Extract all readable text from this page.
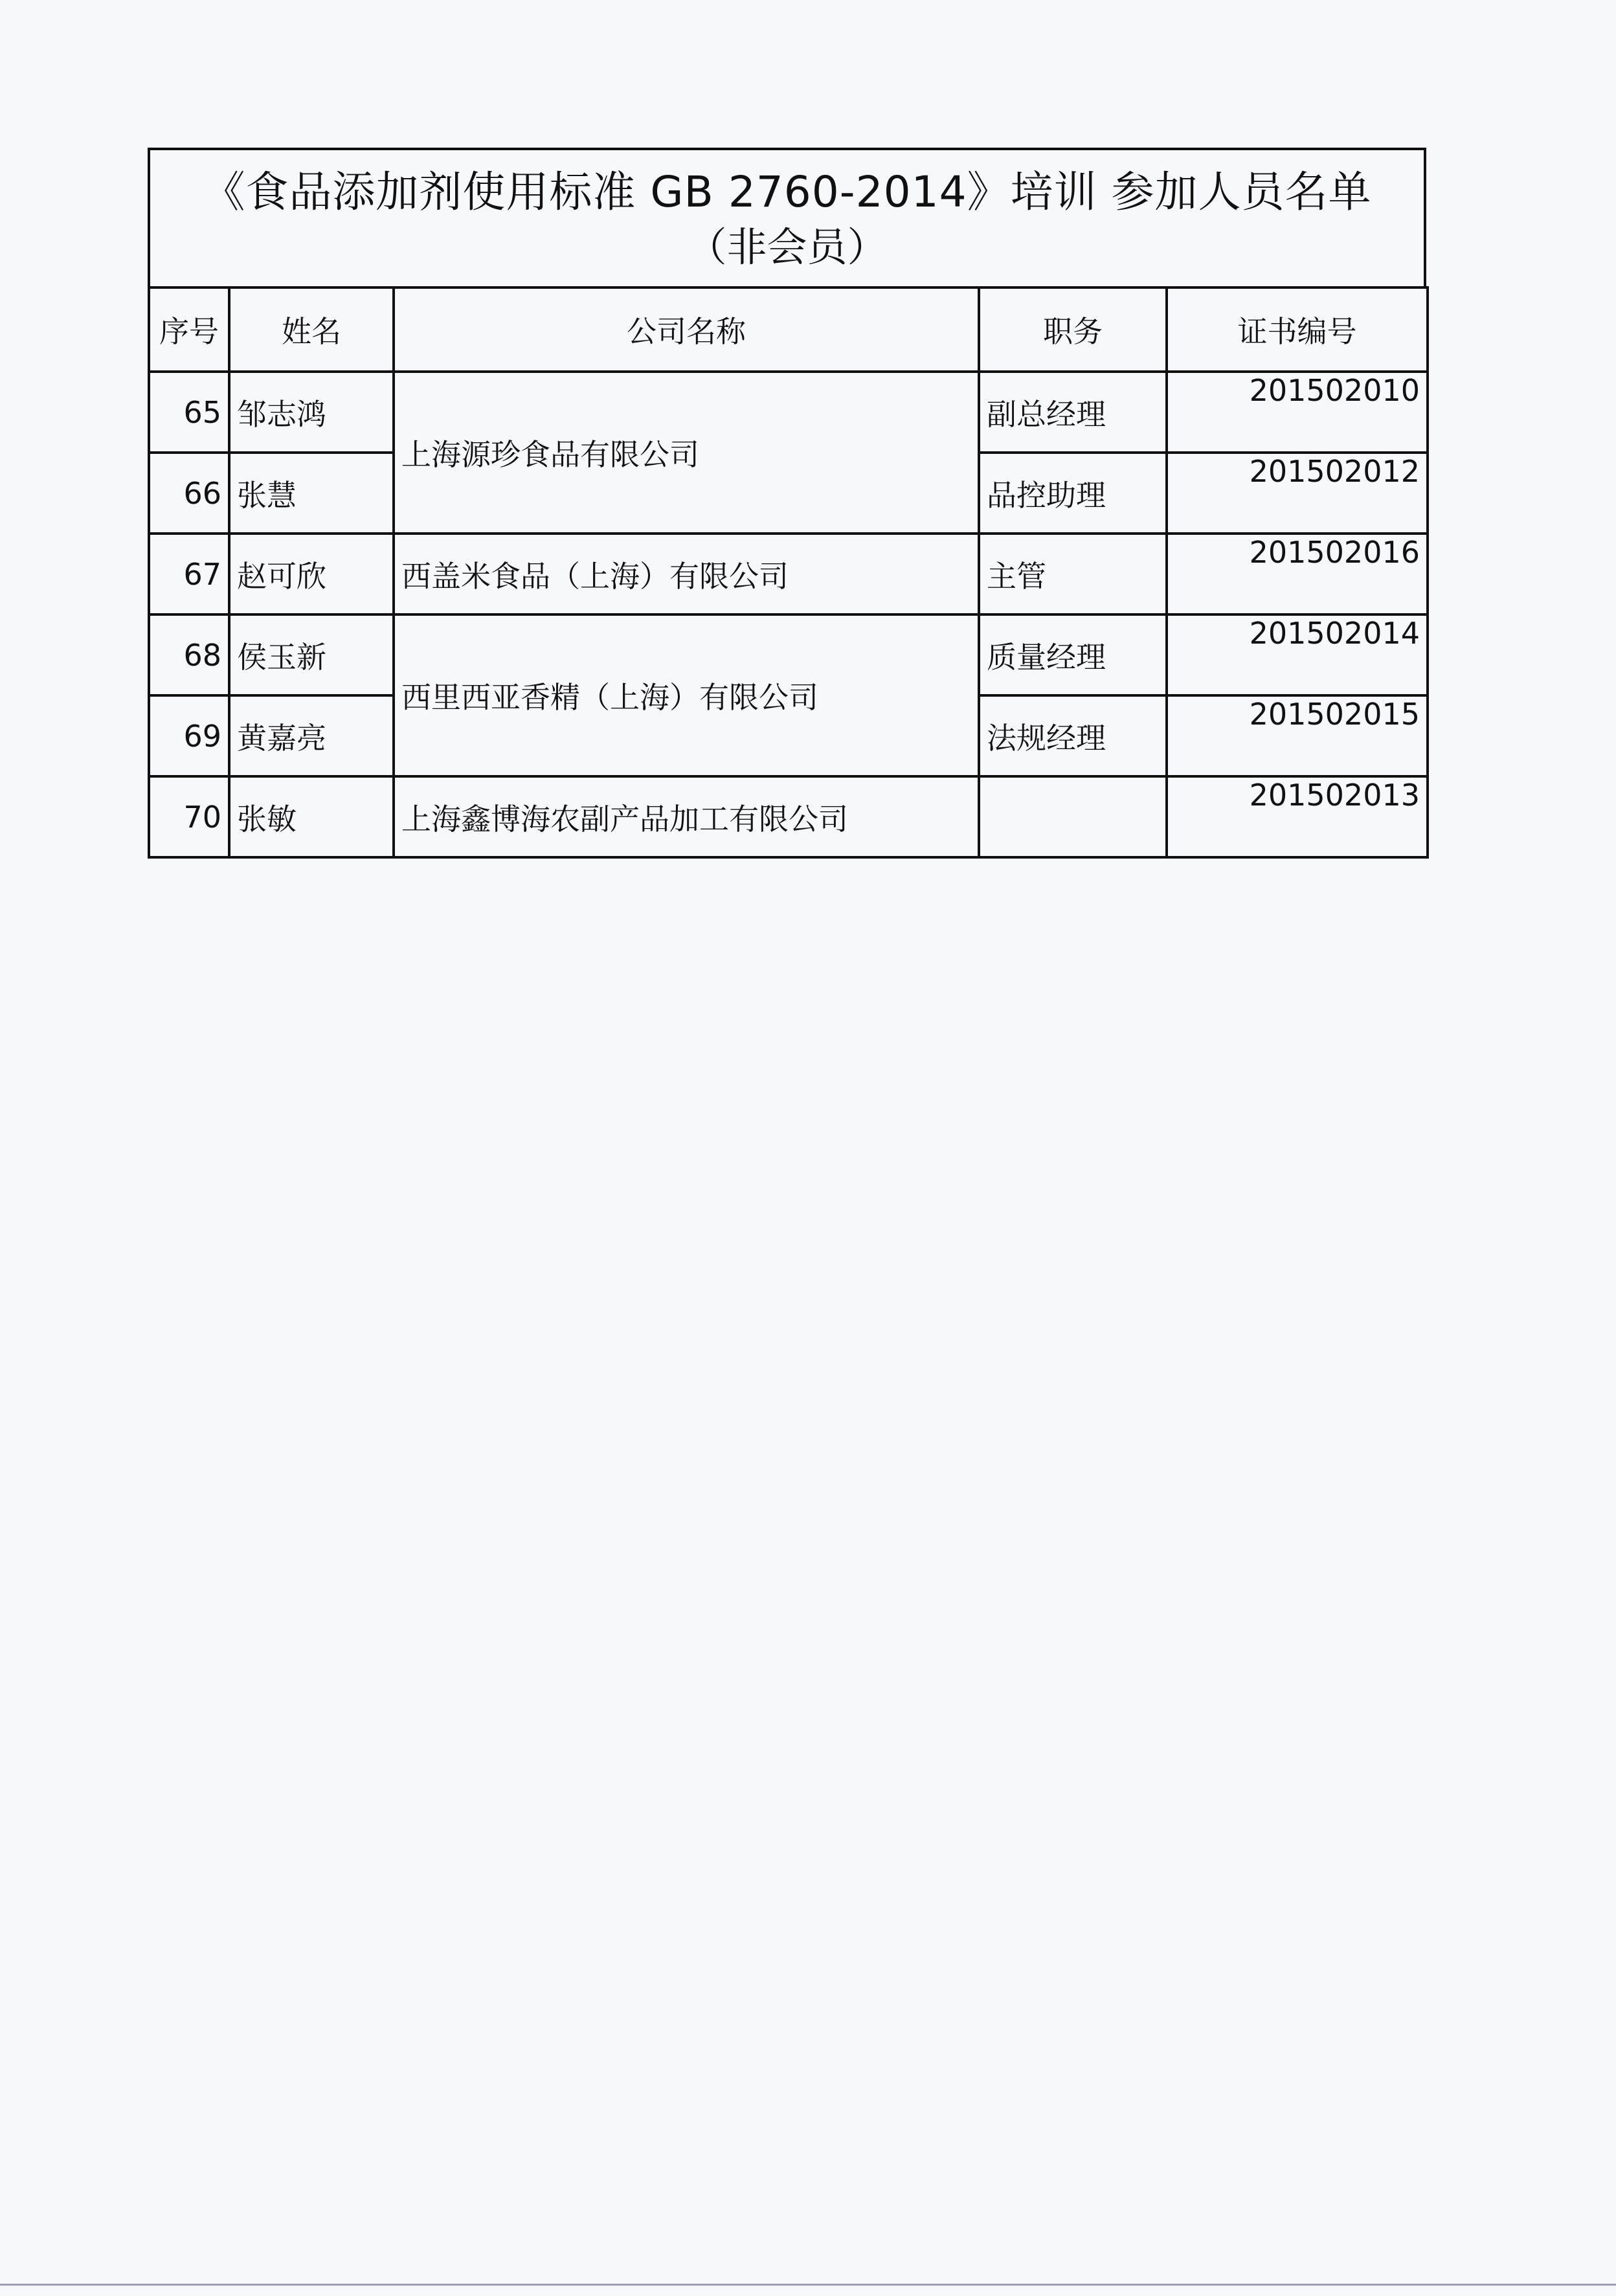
《食品添加剂使用标准 GB 2760-2014》培训 参加人员名单
（非会员）
序号	姓名	公司名称	职务	证书编号
65	邹志鸿	上海源珍食品有限公司	副总经理	201502010
66	张慧		品控助理	201502012
67	赵可欣	西盖米食品（上海）有限公司	主管	201502016
68	侯玉新	西里西亚香精（上海）有限公司	质量经理	201502014
69	黄嘉亮		法规经理	201502015
70	张敏	上海鑫博海农副产品加工有限公司		201502013
